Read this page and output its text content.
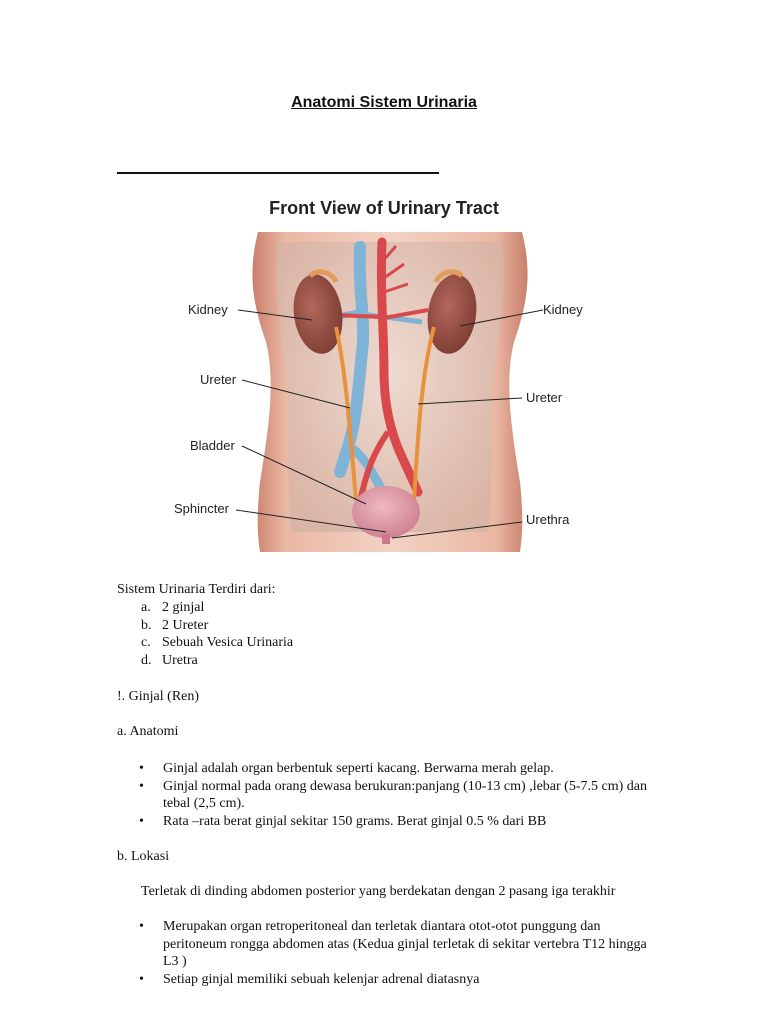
Anatomi Sistem Urinaria
Front View of Urinary Tract
Kidney	Kidney
Ureter
Ureter
Bladder
Sphincter
Urethra
Sistem Urinaria Terdiri dari:
a. 2 ginjal
b. 2 Ureter
c. Sebuah Vesica Urinaria
d. Uretra
!. Ginjal (Ren)
a. Anatomi
• Ginjal adalah organ berbentuk seperti kacang. Berwarna merah gelap.
• Ginjal normal pada orang dewasa berukuran:panjang (10-13 cm) ,lebar (5-7.5 cm) dan tebal (2,5 cm).
• Rata –rata berat ginjal sekitar 150 grams. Berat ginjal 0.5 % dari BB
b. Lokasi
Terletak di dinding abdomen posterior yang berdekatan dengan 2 pasang iga terakhir
• Merupakan organ retroperitoneal dan terletak diantara otot-otot punggung dan peritoneum rongga abdomen atas (Kedua ginjal terletak di sekitar vertebra T12 hingga L3 )
• Setiap ginjal memiliki sebuah kelenjar adrenal diatasnya
